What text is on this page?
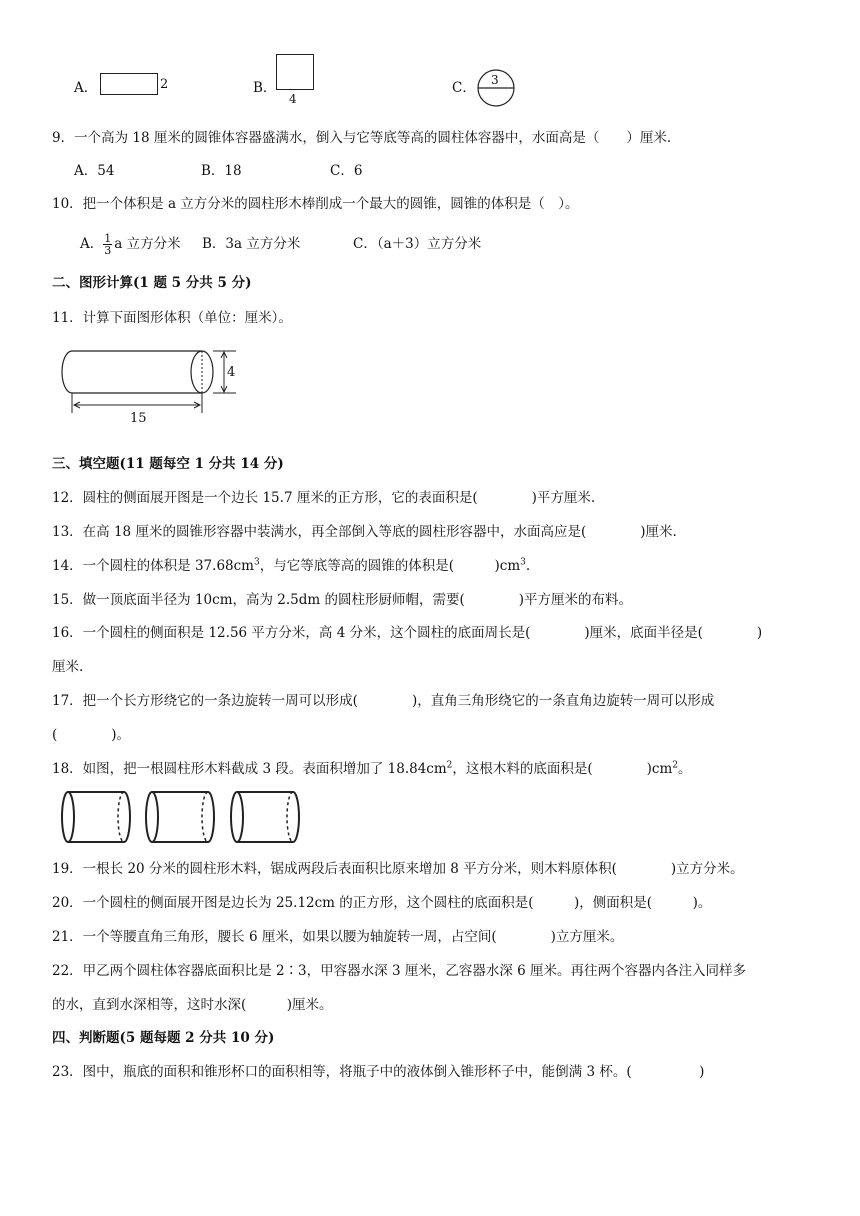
A．	2	B．
4
C． 3
9．一个高为 18 厘米的圆锥体容器盛满水，倒入与它等底等高的圆柱体容器中，水面高是（　　）厘米.
A．54	B．18	C．6
10．把一个体积是 a 立方分米的圆柱形木棒削成一个最大的圆锥，圆锥的体积是（　）。
A． $\frac{1}{3}$ a 立方分米 B．3a 立方分米	C．（a＋3）立方分米
二、图形计算(1 题 5 分共 5 分)
11．计算下面图形体积（单位：厘米）。
4
15
三、填空题(11 题每空 1 分共 14 分)
12．圆柱的侧面展开图是一个边长 15.7 厘米的正方形，它的表面积是(　　　　)平方厘米.
13．在高 18 厘米的圆锥形容器中装满水，再全部倒入等底的圆柱形容器中，水面高应是(　　　　)厘米.
14．一个圆柱的体积是 $37.68cm^3$，与它等底等高的圆锥的体积是(　　　)$cm^3$.
15．做一顶底面半径为 10cm，高为 2.5dm 的圆柱形厨师帽，需要(　　　　)平方厘米的布料。
16．一个圆柱的侧面积是 12.56 平方分米，高 4 分米，这个圆柱的底面周长是(　　　　)厘米，底面半径是(　　　　)
厘米.
17．把一个长方形绕它的一条边旋转一周可以形成(　　　　)，直角三角形绕它的一条直角边旋转一周可以形成
(　　　　)。
18．如图，把一根圆柱形木料截成 3 段。表面积增加了 $18.84cm^2$，这根木料的底面积是(　　　　)$cm^2$。
19．一根长 20 分米的圆柱形木料，锯成两段后表面积比原来增加 8 平方分米，则木料原体积(　　　　)立方分米。
20．一个圆柱的侧面展开图是边长为 25.12cm 的正方形，这个圆柱的底面积是(　　　)，侧面积是(　　　)。
21．一个等腰直角三角形，腰长 6 厘米，如果以腰为轴旋转一周，占空间(　　　　)立方厘米。
22．甲乙两个圆柱体容器底面积比是 2∶3，甲容器水深 3 厘米，乙容器水深 6 厘米。再往两个容器内各注入同样多
的水，直到水深相等，这时水深(　　　)厘米。
四、判断题(5 题每题 2 分共 10 分)
23．图中，瓶底的面积和锥形杯口的面积相等，将瓶子中的液体倒入锥形杯子中，能倒满 3 杯。(　　　　　)
